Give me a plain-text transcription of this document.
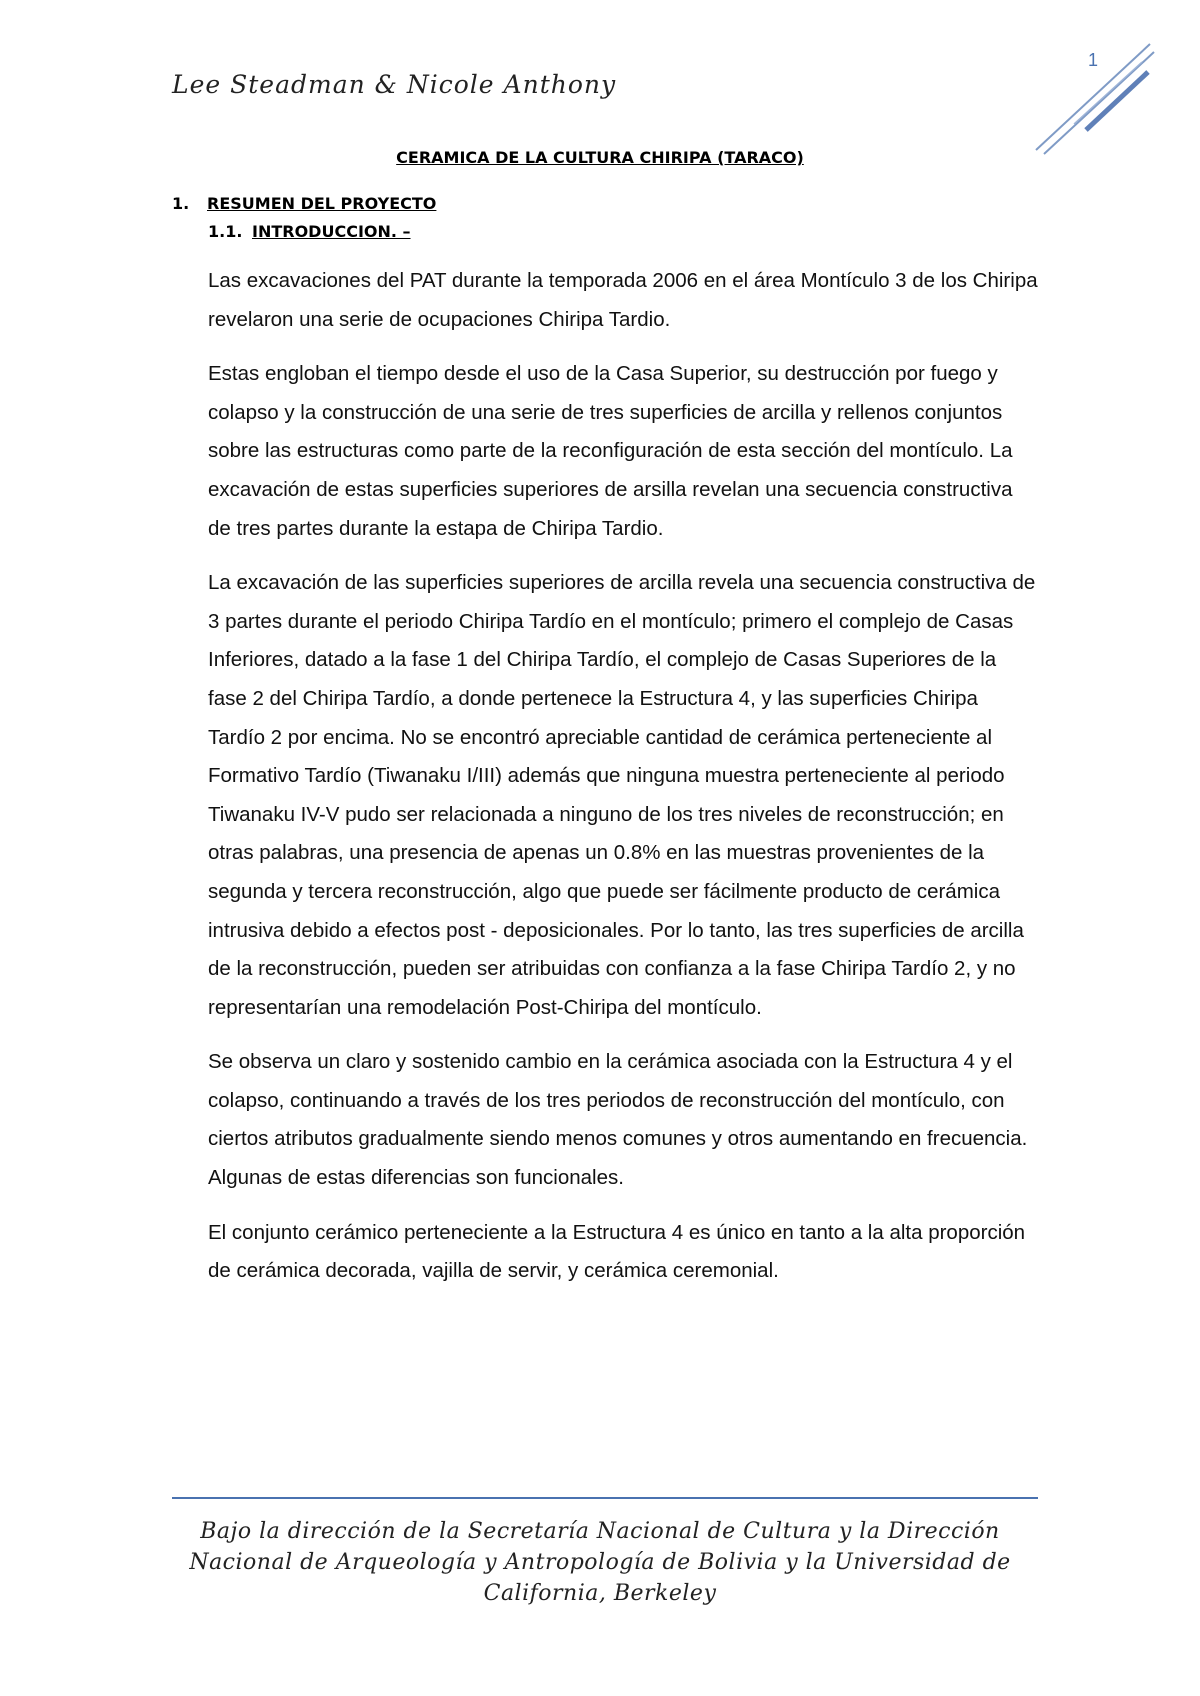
Lee Steadman & Nicole Anthony
1
CERAMICA DE LA CULTURA CHIRIPA (TARACO)
1. RESUMEN DEL PROYECTO
1.1. INTRODUCCION. –

Las excavaciones del PAT durante la temporada 2006 en el área Montículo 3 de los Chiripa revelaron una serie de ocupaciones Chiripa Tardio.

Estas engloban el tiempo desde el uso de la Casa Superior, su destrucción por fuego y colapso y la construcción de una serie de tres superficies de arcilla y rellenos conjuntos sobre las estructuras como parte de la reconfiguración de esta sección del montículo. La excavación de estas superficies superiores de arsilla revelan una secuencia constructiva de tres partes durante la estapa de Chiripa Tardio.

La excavación de las superficies superiores de arcilla revela una secuencia constructiva de 3 partes durante el periodo Chiripa Tardío en el montículo; primero el complejo de Casas Inferiores, datado a la fase 1 del Chiripa Tardío, el complejo de Casas Superiores de la fase 2 del Chiripa Tardío, a donde pertenece la Estructura 4, y las superficies Chiripa Tardío 2 por encima. No se encontró apreciable cantidad de cerámica perteneciente al Formativo Tardío (Tiwanaku I/III) además que ninguna muestra perteneciente al periodo Tiwanaku IV-V pudo ser relacionada a ninguno de los tres niveles de reconstrucción; en otras palabras, una presencia de apenas un 0.8% en las muestras provenientes de la segunda y tercera reconstrucción, algo que puede ser fácilmente producto de cerámica intrusiva debido a efectos post - deposicionales. Por lo tanto, las tres superficies de arcilla de la reconstrucción, pueden ser atribuidas con confianza a la fase Chiripa Tardío 2, y no representarían una remodelación Post-Chiripa del montículo.

Se observa un claro y sostenido cambio en la cerámica asociada con la Estructura 4 y el colapso, continuando a través de los tres periodos de reconstrucción del montículo, con ciertos atributos gradualmente siendo menos comunes y otros aumentando en frecuencia. Algunas de estas diferencias son funcionales.

El conjunto cerámico perteneciente a la Estructura 4 es único en tanto a la alta proporción de cerámica decorada, vajilla de servir, y cerámica ceremonial.

Bajo la dirección de la Secretaría Nacional de Cultura y la Dirección Nacional de Arqueología y Antropología de Bolivia y la Universidad de California, Berkeley
